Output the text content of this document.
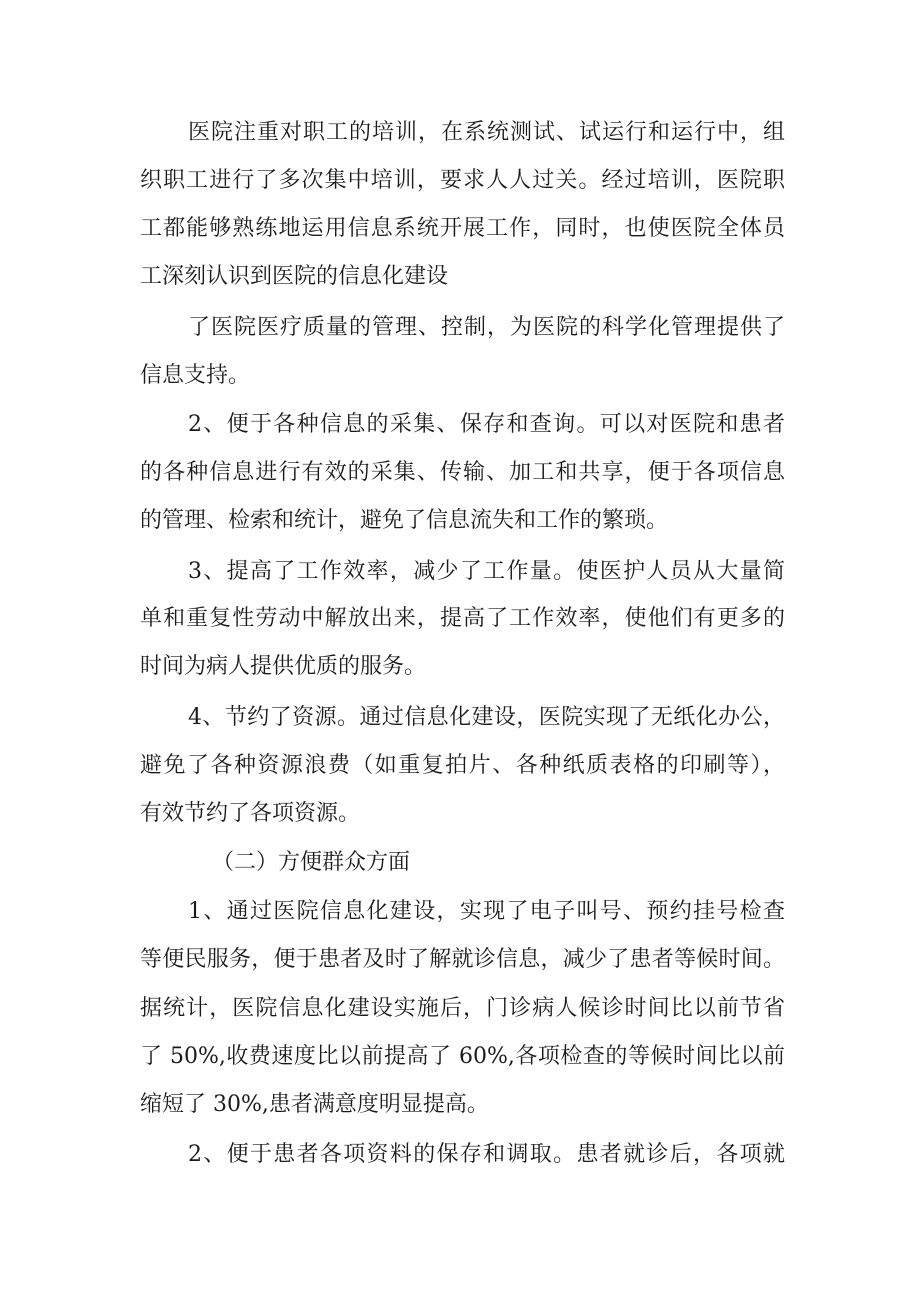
医院注重对职工的培训，在系统测试、试运行和运行中，组
织职工进行了多次集中培训，要求人人过关。经过培训，医院职
工都能够熟练地运用信息系统开展工作，同时，也使医院全体员
工深刻认识到医院的信息化建设
了医院医疗质量的管理、控制，为医院的科学化管理提供了
信息支持。
2、便于各种信息的采集、保存和查询。可以对医院和患者
的各种信息进行有效的采集、传输、加工和共享，便于各项信息
的管理、检索和统计，避免了信息流失和工作的繁琐。
3、提高了工作效率，减少了工作量。使医护人员从大量简
单和重复性劳动中解放出来，提高了工作效率，使他们有更多的
时间为病人提供优质的服务。
4、节约了资源。通过信息化建设，医院实现了无纸化办公，
避免了各种资源浪费（如重复拍片、各种纸质表格的印刷等），
有效节约了各项资源。
（二）方便群众方面
1、通过医院信息化建设，实现了电子叫号、预约挂号检查
等便民服务，便于患者及时了解就诊信息，减少了患者等候时间。
据统计，医院信息化建设实施后，门诊病人候诊时间比以前节省
了 50%,收费速度比以前提高了 60%,各项检查的等候时间比以前
缩短了 30%,患者满意度明显提高。
2、便于患者各项资料的保存和调取。患者就诊后，各项就
